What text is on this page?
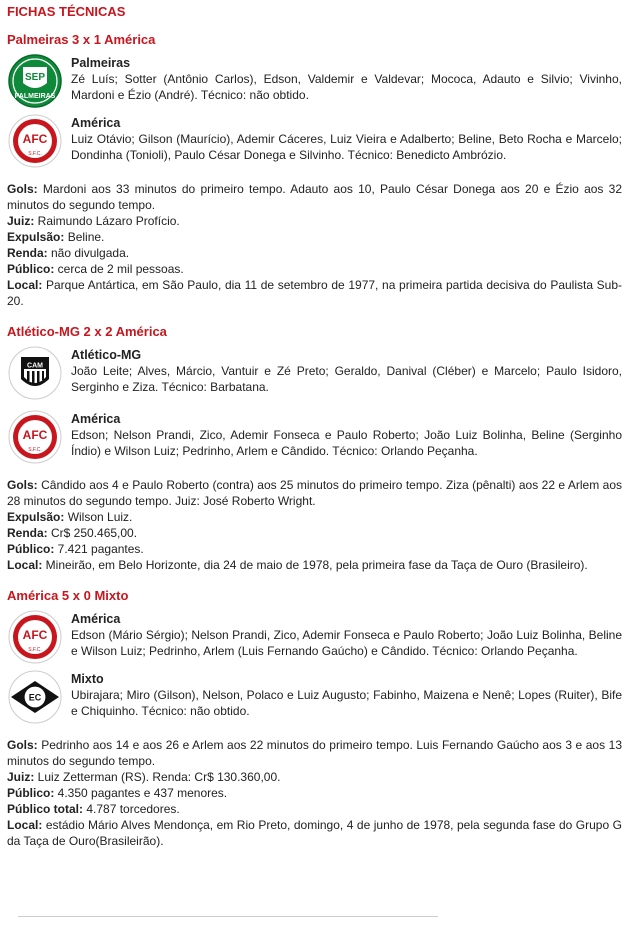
FICHAS TÉCNICAS
Palmeiras 3 x 1 América
SEP
PALMEIRAS
Palmeiras
Zé Luís; Sotter (Antônio Carlos), Edson, Valdemir e Valdevar; Mococa, Adauto e Silvio; Vivinho, Mardoni e Ézio (André). Técnico: não obtido.
AFC
S.F.C.
América
Luiz Otávio; Gilson (Maurício), Ademir Cáceres, Luiz Vieira e Adalberto; Beline, Beto Rocha e Marcelo; Dondinha (Tonioli), Paulo César Donega e Silvinho. Técnico: Benedicto Ambrózio.

Gols: Mardoni aos 33 minutos do primeiro tempo. Adauto aos 10, Paulo César Donega aos 20 e Ézio aos 32 minutos do segundo tempo.

Juiz: Raimundo Lázaro Profício.

Expulsão: Beline.

Renda: não divulgada.

Público: cerca de 2 mil pessoas.

Local: Parque Antártica, em São Paulo, dia 11 de setembro de 1977, na primeira partida decisiva do Paulista Sub-20.

Atlético-MG 2 x 2 América
CAM
Atlético-MG
João Leite; Alves, Márcio, Vantuir e Zé Preto; Geraldo, Danival (Cléber) e Marcelo; Paulo Isidoro, Serginho e Ziza. Técnico: Barbatana.
AFC
S.F.C.
América
Edson; Nelson Prandi, Zico, Ademir Fonseca e Paulo Roberto; João Luiz Bolinha, Beline (Serginho Índio) e Wilson Luiz; Pedrinho, Arlem e Cândido. Técnico: Orlando Peçanha.

Gols: Cândido aos 4 e Paulo Roberto (contra) aos 25 minutos do primeiro tempo. Ziza (pênalti) aos 22 e Arlem aos 28 minutos do segundo tempo. Juiz: José Roberto Wright.

Expulsão: Wilson Luiz.

Renda: Cr$ 250.465,00.

Público: 7.421 pagantes.

Local: Mineirão, em Belo Horizonte, dia 24 de maio de 1978, pela primeira fase da Taça de Ouro (Brasileiro).

América 5 x 0 Mixto
AFC
S.F.C.
América
Edson (Mário Sérgio); Nelson Prandi, Zico, Ademir Fonseca e Paulo Roberto; João Luiz Bolinha, Beline e Wilson Luiz; Pedrinho, Arlem (Luis Fernando Gaúcho) e Cândido. Técnico: Orlando Peçanha.
EC
Mixto
Ubirajara; Miro (Gilson), Nelson, Polaco e Luiz Augusto; Fabinho, Maizena e Nenê; Lopes (Ruiter), Bife e Chiquinho. Técnico: não obtido.

Gols: Pedrinho aos 14 e aos 26 e Arlem aos 22 minutos do primeiro tempo. Luis Fernando Gaúcho aos 3 e aos 13 minutos do segundo tempo.

Juiz: Luiz Zetterman (RS). Renda: Cr$ 130.360,00.

Público: 4.350 pagantes e 437 menores.

Público total: 4.787 torcedores.

Local: estádio Mário Alves Mendonça, em Rio Preto, domingo, 4 de junho de 1978, pela segunda fase do Grupo G da Taça de Ouro(Brasileirão).
